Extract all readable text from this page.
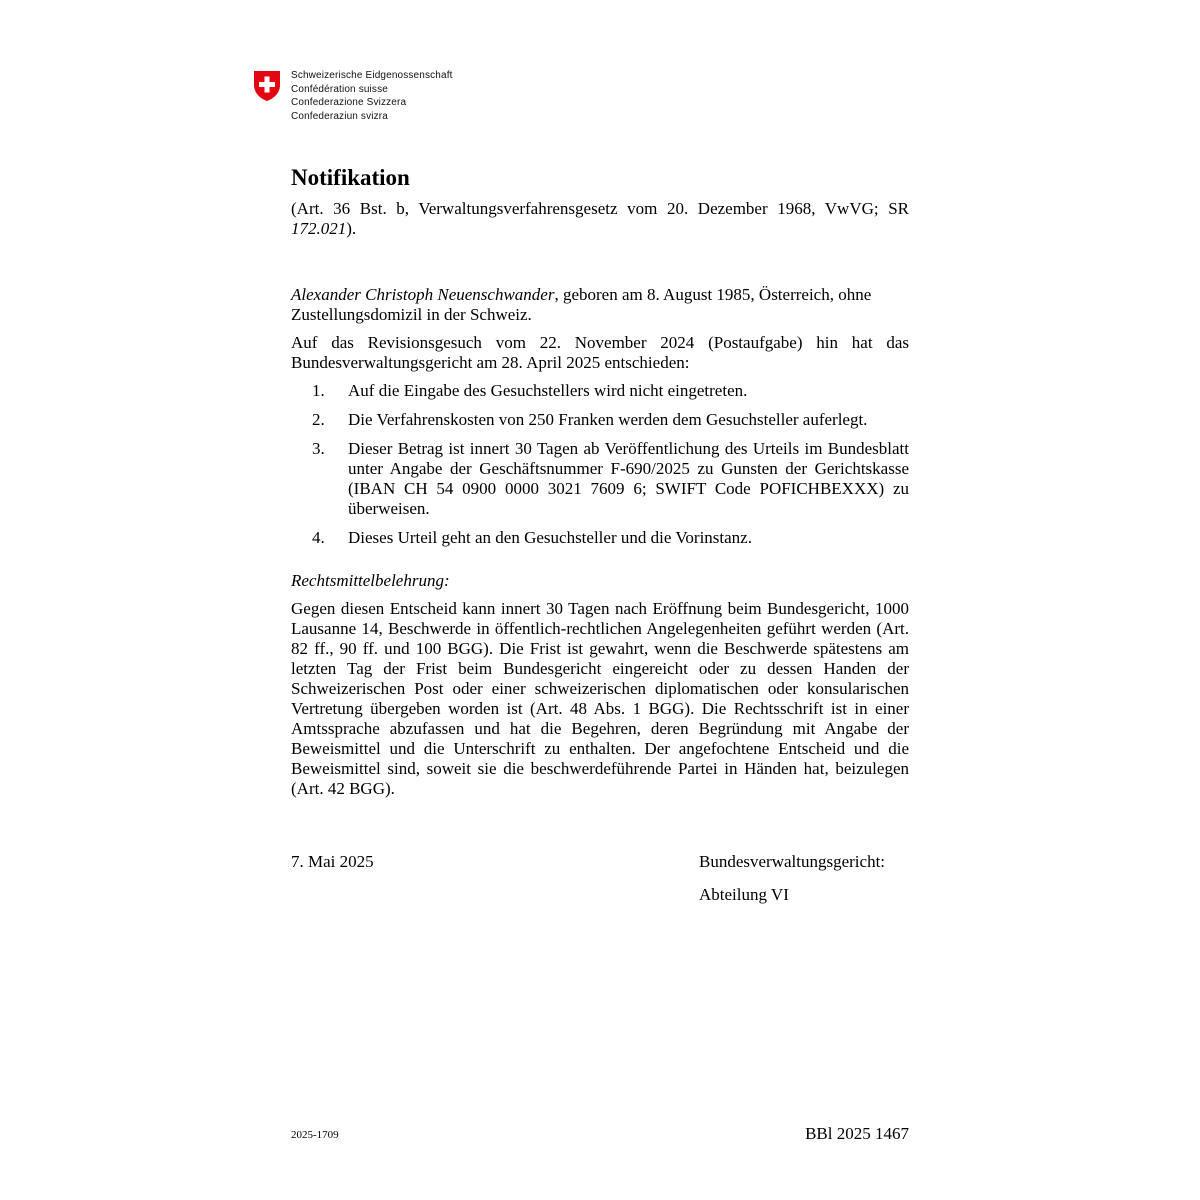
Schweizerische Eidgenossenschaft
Confédération suisse
Confederazione Svizzera
Confederaziun svizra
Notifikation

(Art. 36 Bst. b, Verwaltungsverfahrensgesetz vom 20. Dezember 1968, VwVG; SR 172.021).

Alexander Christoph Neuenschwander, geboren am 8. August 1985, Österreich, ohne Zustellungsdomizil in der Schweiz.

Auf das Revisionsgesuch vom 22. November 2024 (Postaufgabe) hin hat das Bundesverwaltungsgericht am 28. April 2025 entschieden:

1.	Auf die Eingabe des Gesuchstellers wird nicht eingetreten.
2.	Die Verfahrenskosten von 250 Franken werden dem Gesuchsteller auferlegt.
3.	Dieser Betrag ist innert 30 Tagen ab Veröffentlichung des Urteils im Bundesblatt unter Angabe der Geschäftsnummer F-690/2025 zu Gunsten der Gerichtskasse (IBAN CH 54 0900 0000 3021 7609 6; SWIFT Code POFICHBEXXX) zu überweisen.
4.	Dieses Urteil geht an den Gesuchsteller und die Vorinstanz.

Rechtsmittelbelehrung:

Gegen diesen Entscheid kann innert 30 Tagen nach Eröffnung beim Bundesgericht, 1000 Lausanne 14, Beschwerde in öffentlich-rechtlichen Angelegenheiten geführt werden (Art. 82 ff., 90 ff. und 100 BGG). Die Frist ist gewahrt, wenn die Beschwerde spätestens am letzten Tag der Frist beim Bundesgericht eingereicht oder zu dessen Handen der Schweizerischen Post oder einer schweizerischen diplomatischen oder konsularischen Vertretung übergeben worden ist (Art. 48 Abs. 1 BGG). Die Rechtsschrift ist in einer Amtssprache abzufassen und hat die Begehren, deren Begründung mit Angabe der Beweismittel und die Unterschrift zu enthalten. Der angefochtene Entscheid und die Beweismittel sind, soweit sie die beschwerdeführende Partei in Händen hat, beizulegen (Art. 42 BGG).

7. Mai 2025	Bundesverwaltungsgericht:
Abteilung VI
2025-1709	BBl 2025 1467
